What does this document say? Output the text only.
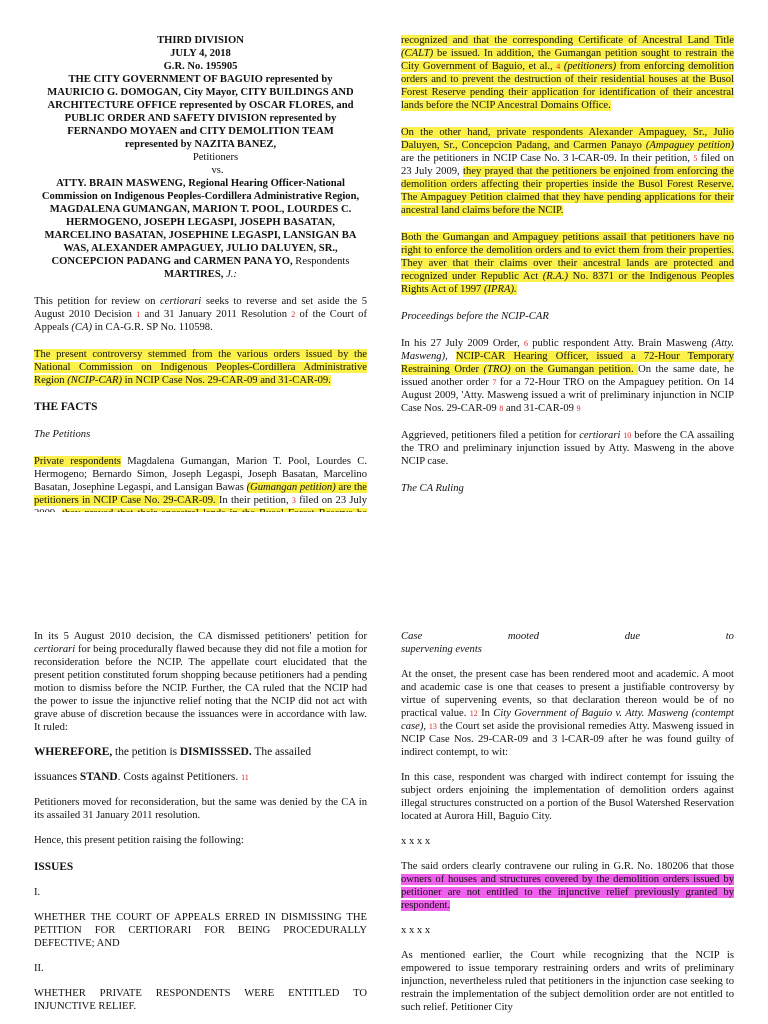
THIRD DIVISION
JULY 4, 2018
G.R. No. 195905
THE CITY GOVERNMENT OF BAGUIO represented by MAURICIO G. DOMOGAN, City Mayor, CITY BUILDINGS AND ARCHITECTURE OFFICE represented by OSCAR FLORES, and PUBLIC ORDER AND SAFETY DIVISION represented by FERNANDO MOYAEN and CITY DEMOLITION TEAM represented by NAZITA BANEZ,
Petitioners
vs.
ATTY. BRAIN MASWENG, Regional Hearing Officer-National Commission on Indigenous Peoples-Cordillera Administrative Region, MAGDALENA GUMANGAN, MARION T. POOL, LOURDES C. HERMOGENO, JOSEPH LEGASPI, JOSEPH BASATAN, MARCELINO BASATAN, JOSEPHINE LEGASPI, LANSIGAN BA WAS, ALEXANDER AMPAGUEY, JULIO DALUYEN, SR., CONCEPCION PADANG and CARMEN PANA YO, Respondents MARTIRES, J.:

This petition for review on certiorari seeks to reverse and set aside the 5 August 2010 Decision 1 and 31 January 2011 Resolution 2 of the Court of Appeals (CA) in CA-G.R. SP No. 110598.

The present controversy stemmed from the various orders issued by the National Commission on Indigenous Peoples-Cordillera Administrative Region (NCIP-CAR) in NCIP Case Nos. 29-CAR-09 and 31-CAR-09.

THE FACTS

The Petitions

Private respondents Magdalena Gumangan, Marion T. Pool, Lourdes C. Hermogeno; Bernardo Simon, Joseph Legaspi, Joseph Basatan, Marcelino Basatan, Josephine Legaspi, and Lansigan Bawas (Gumangan petition) are the petitioners in NCIP Case No. 29-CAR-09. In their petition, 3 filed on 23 July

recognized and that the corresponding Certificate of Ancestral Land Title (CALT) be issued. In addition, the Gumangan petition sought to restrain the City Government of Baguio, et al., 4 (petitioners) from enforcing demolition orders and to prevent the destruction of their residential houses at the Busol Forest Reserve pending their application for identification of their ancestral lands before the NCIP Ancestral Domains Office.

On the other hand, private respondents Alexander Ampaguey, Sr., Julio Daluyen, Sr., Concepcion Padang, and Carmen Panayo (Ampaguey petition) are the petitioners in NCIP Case No. 3 l-CAR-09. In their petition, 5 filed on 23 July 2009, they prayed that the petitioners be enjoined from enforcing the demolition orders affecting their properties inside the Busol Forest Reserve. The Ampaguey Petition claimed that they have pending applications for their ancestral land claims before the NCIP.

Both the Gumangan and Ampaguey petitions assail that petitioners have no right to enforce the demolition orders and to evict them from their properties. They aver that their claims over their ancestral lands are protected and recognized under Republic Act (R.A.) No. 8371 or the Indigenous Peoples Rights Act of 1997 (IPRA).

Proceedings before the NCIP-CAR

In his 27 July 2009 Order, 6 public respondent Atty. Brain Masweng (Atty. Masweng), NCIP-CAR Hearing Officer, issued a 72-Hour Temporary Restraining Order (TRO) on the Gumangan petition. On the same date, he issued another order 7 for a 72-Hour TRO on the Ampaguey petition. On 14 August 2009, 'Atty. Masweng issued a writ of preliminary injunction in NCIP Case Nos. 29-CAR-09 8 and 31-CAR-09 9

Aggrieved, petitioners filed a petition for certiorari 10 before the CA assailing the TRO and preliminary injunction issued by Atty. Masweng in the above NCIP case.

The CA Ruling

In its 5 August 2010 decision, the CA dismissed petitioners' petition for certiorari for being procedurally flawed because they did not file a motion for reconsideration before the NCIP. The appellate court elucidated that the present petition constituted forum shopping because petitioners had a pending motion to dismiss before the NCIP. Further, the CA ruled that the NCIP had the power to issue the injunctive relief noting that the NCIP did not act with grave abuse of discretion because the issuances were in accordance with law. It ruled:

WHEREFORE, the petition is DISMISSSED. The assailed

issuances STAND. Costs against Petitioners. 11

Petitioners moved for reconsideration, but the same was denied by the CA in its assailed 31 January 2011 resolution.

Hence, this present petition raising the following:

ISSUES

I.

WHETHER THE COURT OF APPEALS ERRED IN DISMISSING THE PETITION FOR CERTIORARI FOR BEING PROCEDURALLY DEFECTIVE; AND

II.

WHETHER PRIVATE RESPONDENTS WERE ENTITLED TO INJUNCTIVE RELIEF.

Case	mooted	due	to
supervening events

At the onset, the present case has been rendered moot and academic. A moot and academic case is one that ceases to present a justifiable controversy by virtue of supervening events, so that declaration thereon would be of no practical value. 12 In City Government of Baguio v. Atty. Masweng (contempt case), 13 the Court set aside the provisional remedies Atty. Masweng issued in NCIP Case Nos. 29-CAR-09 and 3 l-CAR-09 after he was found guilty of indirect contempt, to wit:

In this case, respondent was charged with indirect contempt for issuing the subject orders enjoining the implementation of demolition orders against illegal structures constructed on a portion of the Busol Watershed Reservation located at Aurora Hill, Baguio City.

x x x x

The said orders clearly contravene our ruling in G.R. No. 180206 that those owners of houses and structures covered by the demolition orders issued by petitioner are not entitled to the injunctive relief previously granted by respondent.

x x x x

As mentioned earlier, the Court while recognizing that the NCIP is empowered to issue temporary restraining orders and writs of preliminary injunction, nevertheless ruled that petitioners in the injunction case seeking to restrain the implementation of the subject demolition order are not entitled to such relief. Petitioner City
